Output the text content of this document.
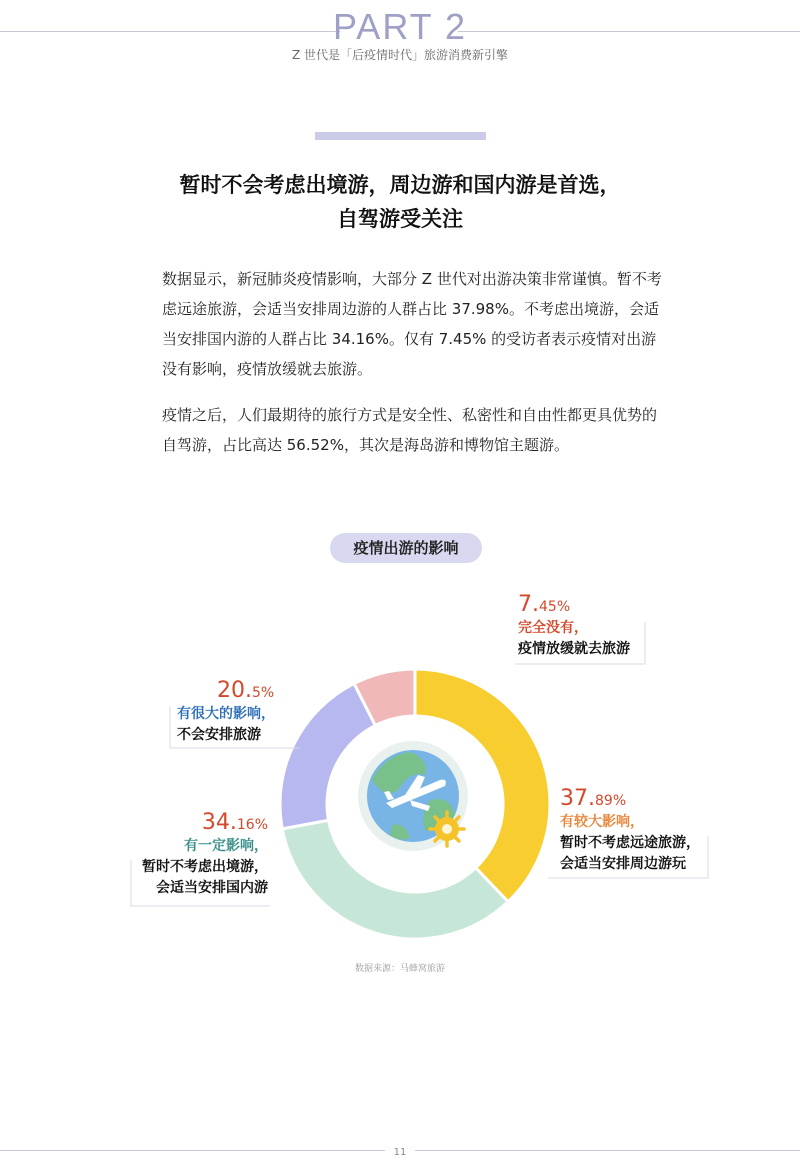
PART 2
Z 世代是「后疫情时代」旅游消费新引擎
暂时不会考虑出境游，周边游和国内游是首选，
自驾游受关注

数据显示，新冠肺炎疫情影响，大部分 Z 世代对出游决策非常谨慎。暂不考虑远途旅游，会适当安排周边游的人群占比 37.98%。不考虑出境游，会适当安排国内游的人群占比 34.16%。仅有 7.45% 的受访者表示疫情对出游没有影响，疫情放缓就去旅游。

疫情之后，人们最期待的旅行方式是安全性、私密性和自由性都更具优势的自驾游，占比高达 56.52%，其次是海岛游和博物馆主题游。

疫情出游的影响
7.45%
完全没有，
疫情放缓就去旅游
20.5%
有很大的影响，
不会安排旅游
37.89%
有较大影响，
暂时不考虑远途旅游，
会适当安排周边游玩
34.16%
有一定影响，
暂时不考虑出境游，
会适当安排国内游
数据来源：马蜂窝旅游
11
